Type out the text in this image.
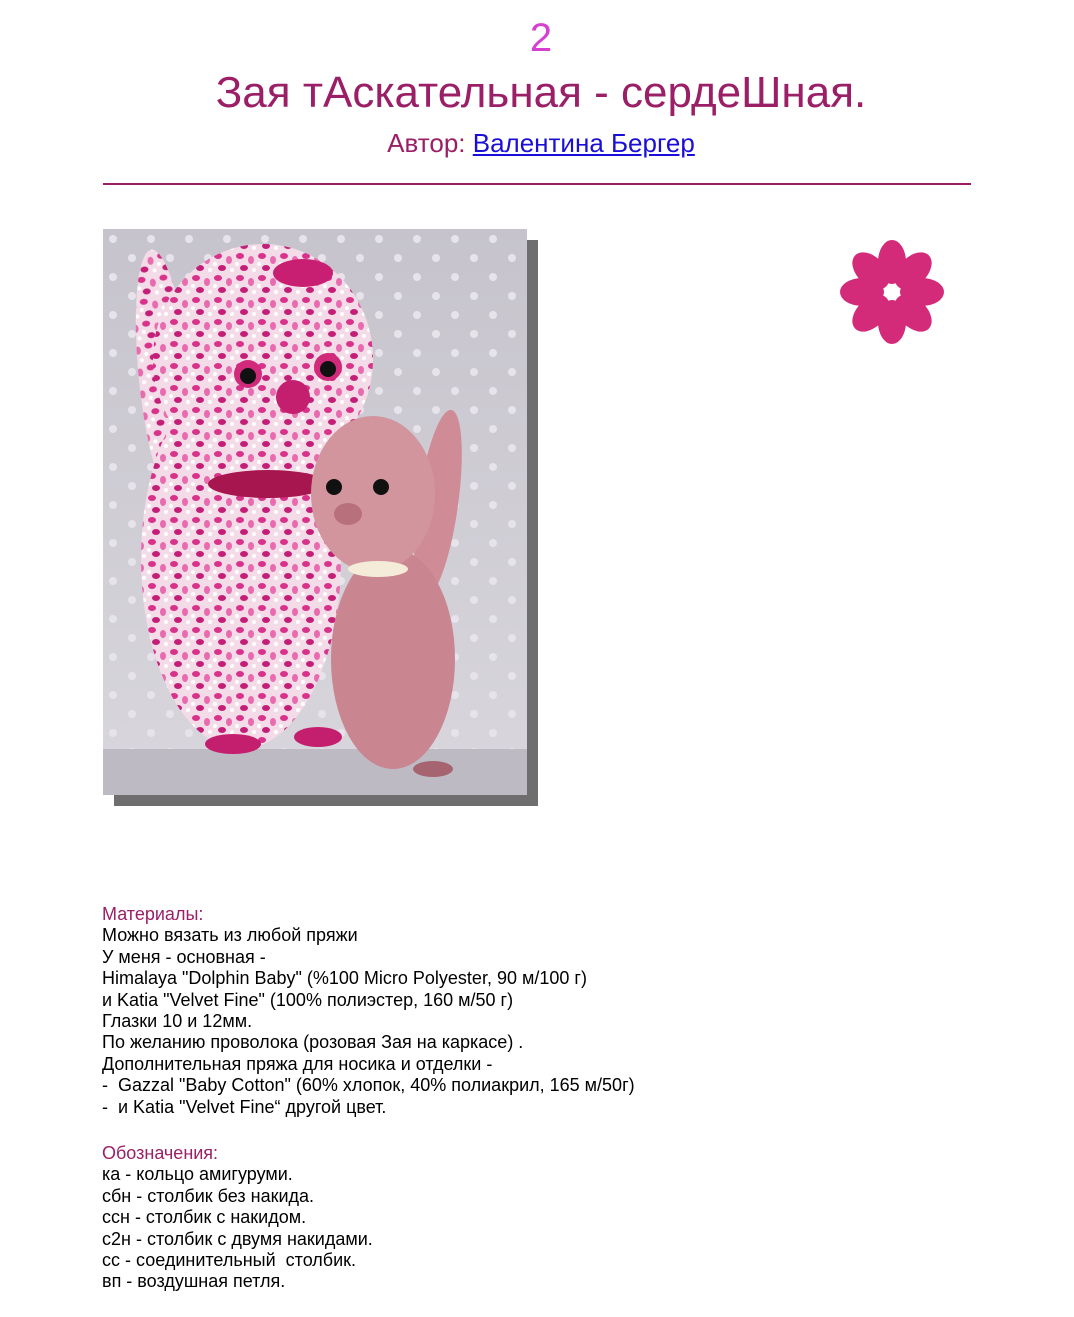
2
Зая тАскательная - сердеШная.
Автор: Валентина Бергер
Материалы:
Можно вязать из любой пряжи
У меня - основная -
Himalaya "Dolphin Baby" (%100 Micro Polyester, 90 м/100 г)
и Katia "Velvet Fine" (100% полиэстер, 160 м/50 г)
Глазки 10 и 12мм.
По желанию проволока (розовая Зая на каркасе) .
Дополнительная пряжа для носика и отделки -
-  Gazzal "Baby Cotton" (60% хлопок, 40% полиакрил, 165 м/50г)
-  и Katia "Velvet Fine“ другой цвет.
Обозначения:
ка - кольцо амигуруми.
сбн - столбик без накида.
ссн - столбик с накидом.
с2н - столбик с двумя накидами.
сс - соединительный  столбик.
вп - воздушная петля.
